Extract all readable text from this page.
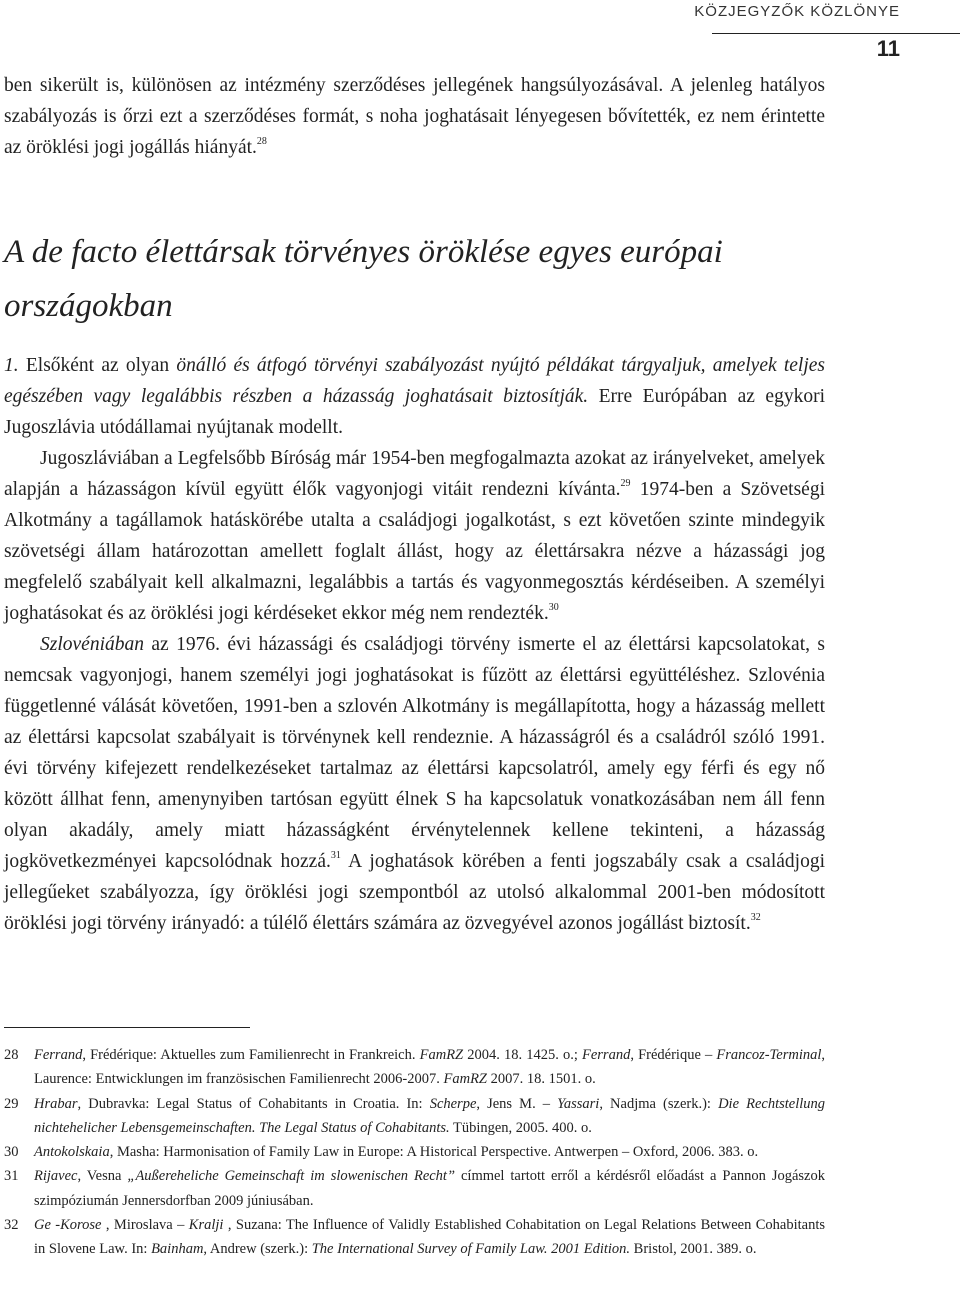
KÖZJEGYZŐK KÖZLÖNYE
11

ben sikerült is, különösen az intézmény szerződéses jellegének hangsúlyozásával. A jelenleg hatályos szabályozás is őrzi ezt a szerződéses formát, s noha joghatásait lényegesen bővítették, ez nem érintette az öröklési jogi jogállás hiányát.$^{28}$

A de facto élettársak törvényes öröklése egyes európai országokban

1. Elsőként az olyan önálló és átfogó törvényi szabályozást nyújtó példákat tárgyaljuk, amelyek teljes egészében vagy legalábbis részben a házasság joghatásait biztosítják. Erre Európában az egykori Jugoszlávia utódállamai nyújtanak modellt.

Jugoszláviában a Legfelsőbb Bíróság már 1954-ben megfogalmazta azokat az irányelveket, amelyek alapján a házasságon kívül együtt élők vagyonjogi vitáit rendezni kívánta.$^{29}$ 1974-ben a Szövetségi Alkotmány a tagállamok hatáskörébe utalta a családjogi jogalkotást, s ezt követően szinte mindegyik szövetségi állam határozottan amellett foglalt állást, hogy az élettársakra nézve a házassági jog megfelelő szabályait kell alkalmazni, legalábbis a tartás és vagyonmegosztás kérdéseiben. A személyi joghatásokat és az öröklési jogi kérdéseket ekkor még nem rendezték.$^{30}$

Szlovéniában az 1976. évi házassági és családjogi törvény ismerte el az élettársi kapcsolatokat, s nemcsak vagyonjogi, hanem személyi jogi joghatásokat is fűzött az élettársi együttéléshez. Szlovénia függetlenné válását követően, 1991-ben a szlovén Alkotmány is megállapította, hogy a házasság mellett az élettársi kapcsolat szabályait is törvénynek kell rendeznie. A házasságról és a családról szóló 1991. évi törvény kifejezett rendelkezéseket tartalmaz az élettársi kapcsolatról, amely egy férfi és egy nő között állhat fenn, amenynyiben tartósan együtt élnek S ha kapcsolatuk vonatkozásában nem áll fenn olyan akadály, amely miatt házasságként érvénytelennek kellene tekinteni, a házasság jogkövetkezményei kapcsolódnak hozzá.$^{31}$ A joghatások körében a fenti jogszabály csak a családjogi jellegűeket szabályozza, így öröklési jogi szempontból az utolsó alkalommal 2001-ben módosított öröklési jogi törvény irányadó: a túlélő élettárs számára az özvegyével azonos jogállást biztosít.$^{32}$

28	Ferrand, Frédérique: Aktuelles zum Familienrecht in Frankreich. FamRZ 2004. 18. 1425. o.; Ferrand, Frédérique – Francoz-Terminal, Laurence: Entwicklungen im französischen Familienrecht 2006-2007. FamRZ 2007. 18. 1501. o.
29	Hrabar, Dubravka: Legal Status of Cohabitants in Croatia. In: Scherpe, Jens M. – Yassari, Nadjma (szerk.): Die Rechtstellung nichtehelicher Lebensgemeinschaften. The Legal Status of Cohabitants. Tübingen, 2005. 400. o.
30	Antokolskaia, Masha: Harmonisation of Family Law in Europe: A Historical Perspective. Antwerpen – Oxford, 2006. 383. o.
31	Rijavec, Vesna „Außereheliche Gemeinschaft im slowenischen Recht” címmel tartott erről a kérdésről előadást a Pannon Jogászok szimpóziumán Jennersdorfban 2009 júniusában.
32	Ge -Korose , Miroslava – Kralji , Suzana: The Influence of Validly Established Cohabitation on Legal Relations Between Cohabitants in Slovene Law. In: Bainham, Andrew (szerk.): The International Survey of Family Law. 2001 Edition. Bristol, 2001. 389. o.
